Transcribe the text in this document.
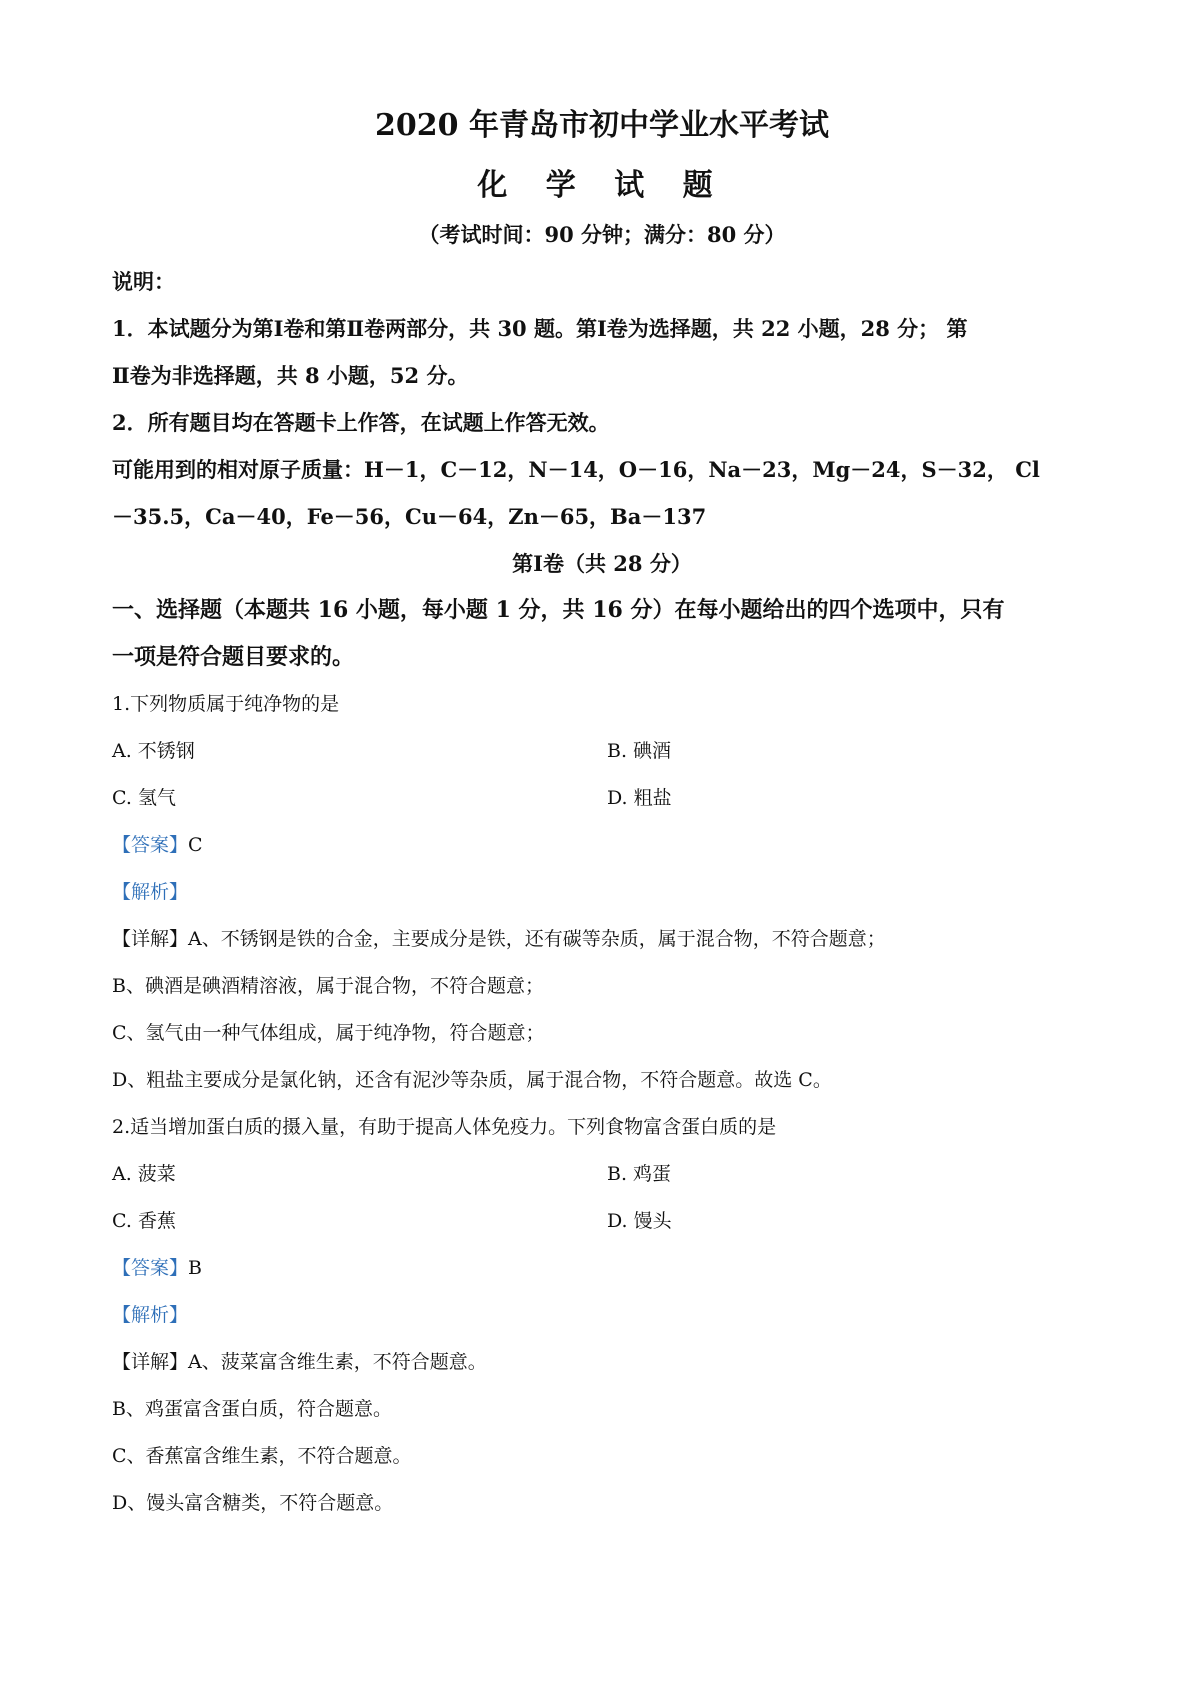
2020 年青岛市初中学业水平考试
化 学 试 题
（考试时间：90 分钟；满分：80 分）
说明：
1．本试题分为第Ⅰ卷和第Ⅱ卷两部分，共 30 题。第Ⅰ卷为选择题，共 22 小题，28 分； 第
Ⅱ卷为非选择题，共 8 小题，52 分。
2．所有题目均在答题卡上作答，在试题上作答无效。
可能用到的相对原子质量：H－1，C－12，N－14，O－16，Na－23，Mg－24，S－32， Cl
－35.5，Ca－40，Fe－56，Cu－64，Zn－65，Ba－137
第Ⅰ卷（共 28 分）
一、选择题（本题共 16 小题，每小题 1 分，共 16 分）在每小题给出的四个选项中，只有
一项是符合题目要求的。
1.下列物质属于纯净物的是
A. 不锈钢	B. 碘酒
C. 氢气	D. 粗盐
【答案】C
【解析】
【详解】A、不锈钢是铁的合金，主要成分是铁，还有碳等杂质，属于混合物，不符合题意；
B、碘酒是碘酒精溶液，属于混合物，不符合题意；
C、氢气由一种气体组成，属于纯净物，符合题意；
D、粗盐主要成分是氯化钠，还含有泥沙等杂质，属于混合物，不符合题意。故选 C。
2.适当增加蛋白质的摄入量，有助于提高人体免疫力。下列食物富含蛋白质的是
A. 菠菜	B. 鸡蛋
C. 香蕉	D. 馒头
【答案】B
【解析】
【详解】A、菠菜富含维生素，不符合题意。
B、鸡蛋富含蛋白质，符合题意。
C、香蕉富含维生素，不符合题意。
D、馒头富含糖类，不符合题意。
